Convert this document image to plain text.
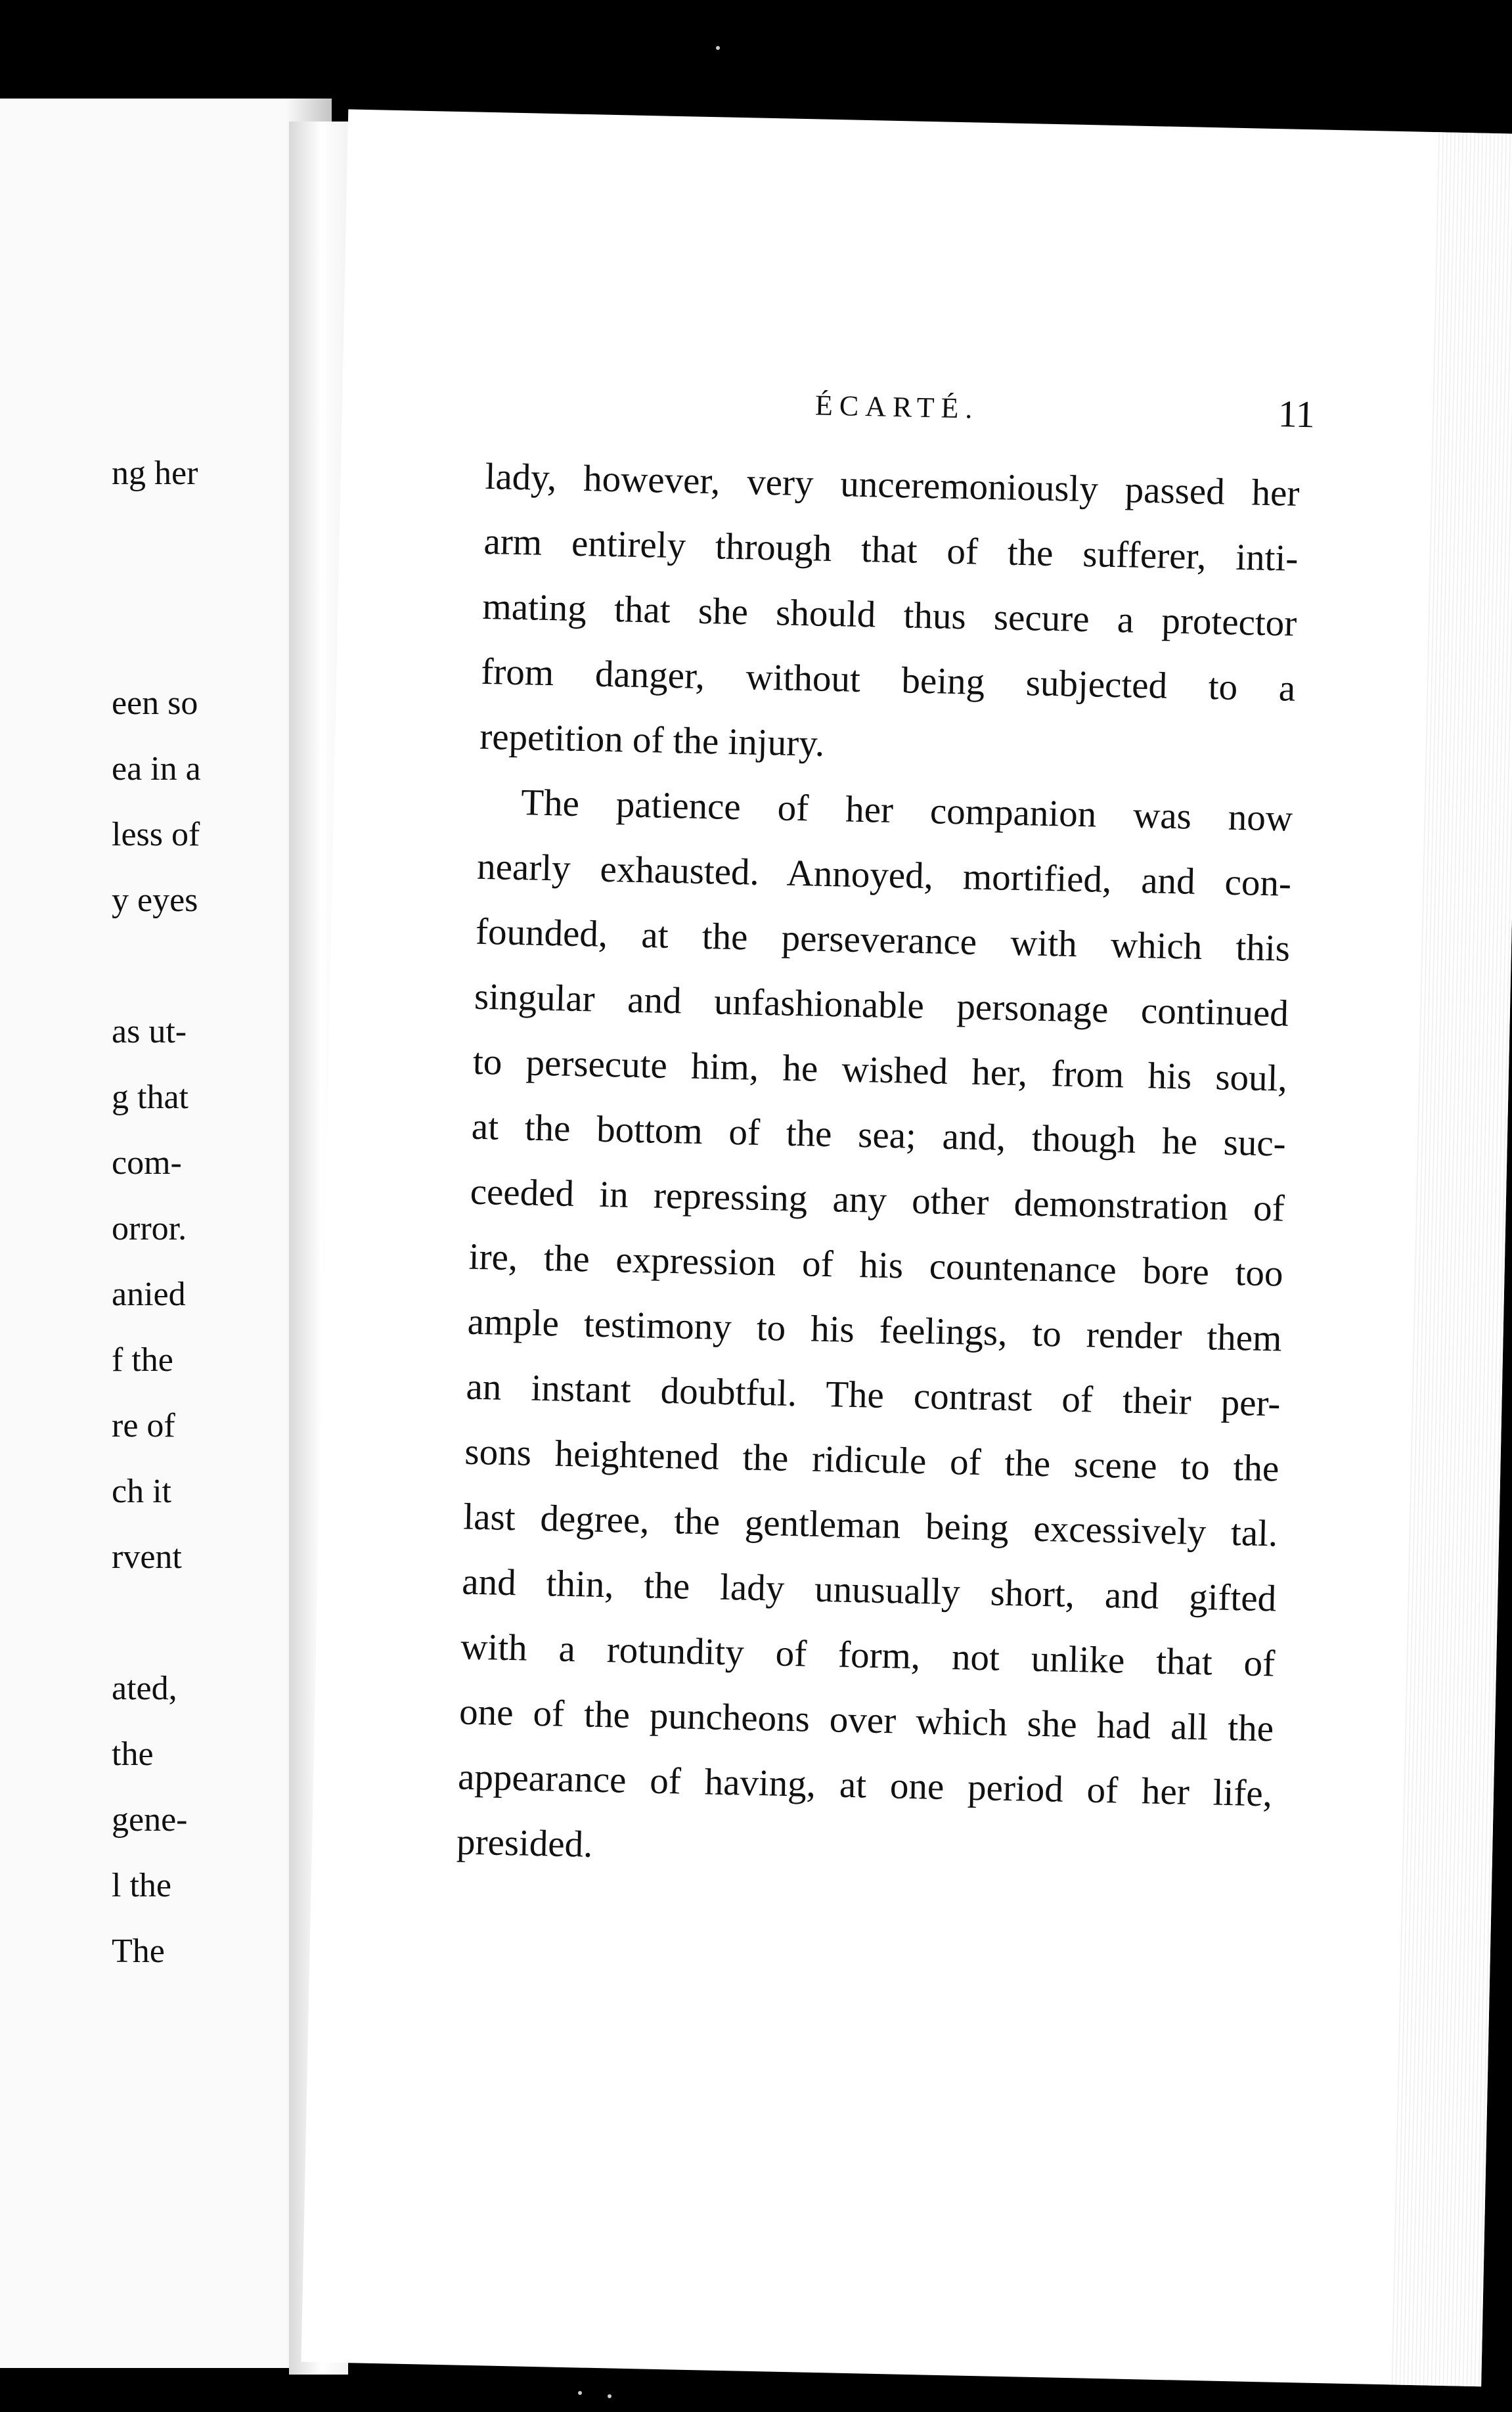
ng her
een so
ea in a
less of
y eyes
as ut-
g that
com-
orror.
anied
f the
re of
ch it
rvent
ated,
the
gene-
l the
The
ÉCARTÉ.	11
lady, however, very unceremoniously passed her
arm entirely through that of the sufferer, inti-
mating that she should thus secure a protector
from danger, without being subjected to a
repetition of the injury.
The patience of her companion was now
nearly exhausted. Annoyed, mortified, and con-
founded, at the perseverance with which this
singular and unfashionable personage continued
to persecute him, he wished her, from his soul,
at the bottom of the sea; and, though he suc-
ceeded in repressing any other demonstration of
ire, the expression of his countenance bore too
ample testimony to his feelings, to render them
an instant doubtful. The contrast of their per-
sons heightened the ridicule of the scene to the
last degree, the gentleman being excessively tal.
and thin, the lady unusually short, and gifted
with a rotundity of form, not unlike that of
one of the puncheons over which she had all the
appearance of having, at one period of her life,
presided.
